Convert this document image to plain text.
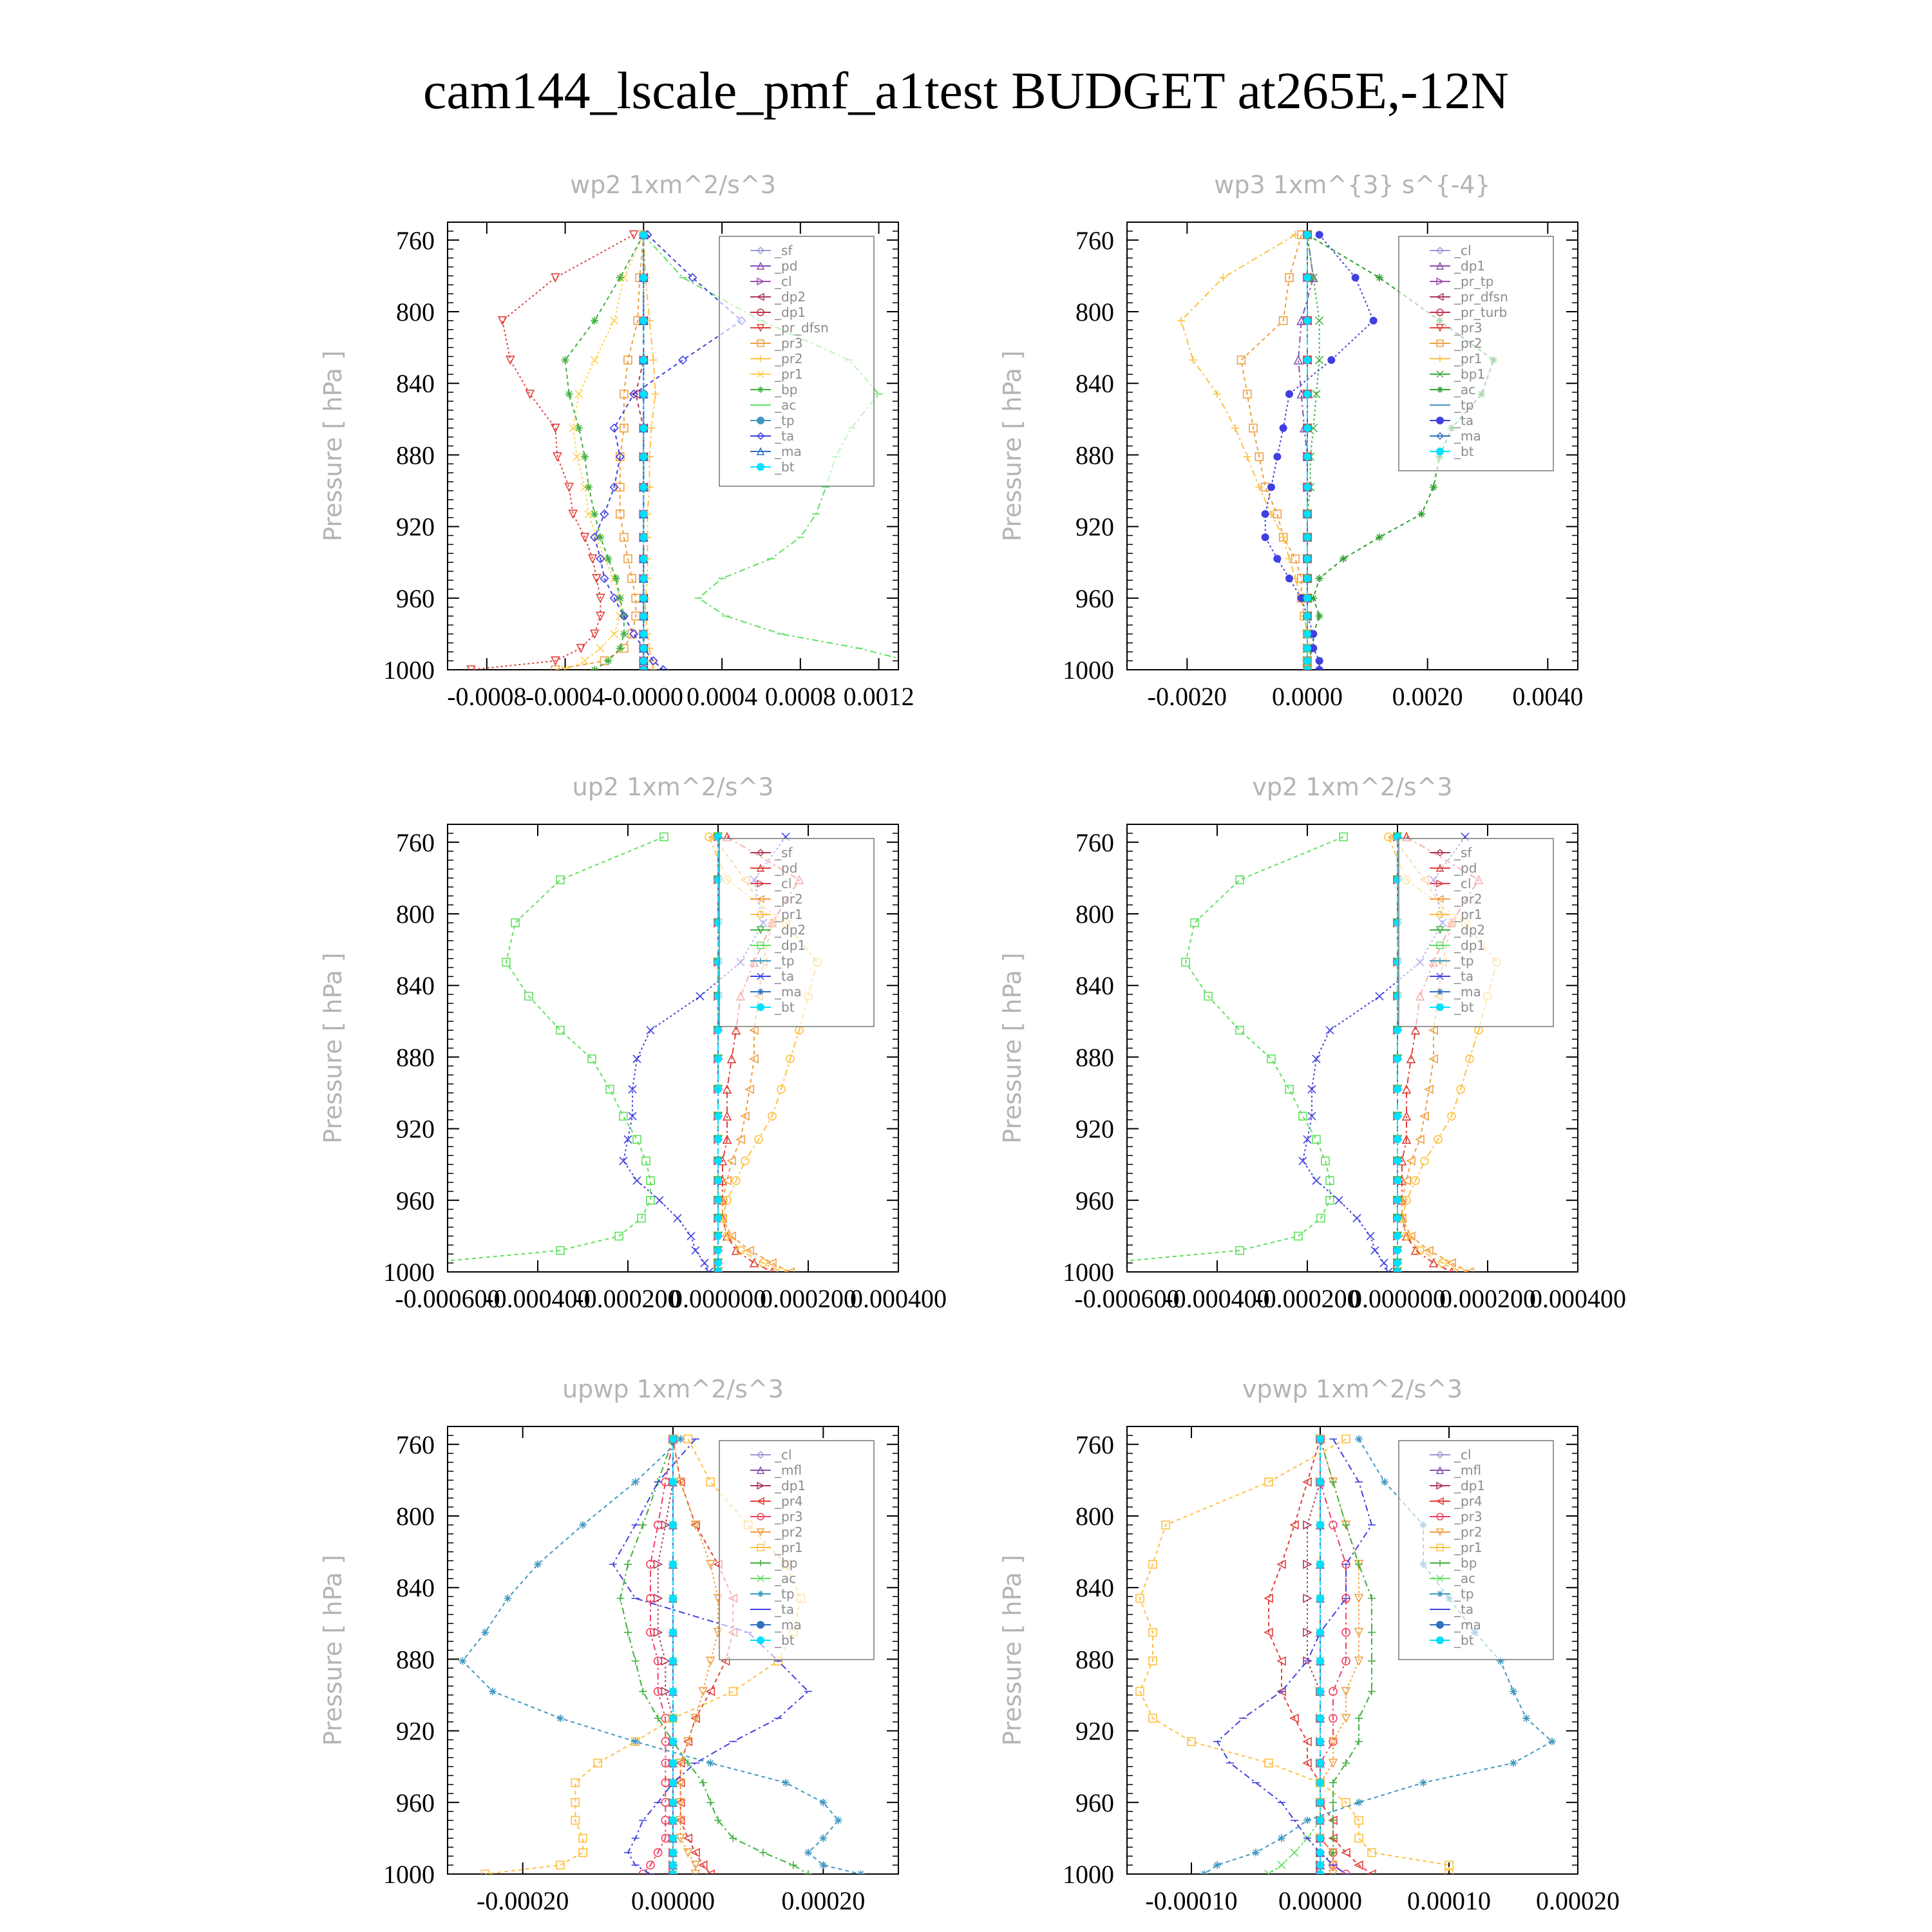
cam144_lscale_pmf_a1test BUDGET at265E,-12N
wp2 1xm^2/s^3
Pressure [ hPa ]
760
800
840
880
920
960
1000
-0.0008
-0.0004
-0.0000 0.0004 0.0008 0.0012
_sf
_pd
_cl
_dp2
_dp1
_pr_dfsn
_pr3
_pr2
_pr1
_bp
_ac
_tp
_ta
_ma
_bt
wp3 1xm^{3} s^{-4}
Pressure [ hPa ]
760
800
840
880
920
960
1000
-0.0020 0.0000 0.0020 0.0040
_cl
_dp1
_pr_tp
_pr_dfsn
_pr_turb
_pr3
_pr2
_pr1
_bp1
_ac
_tp
_ta
_ma
_bt
up2 1xm^2/s^3
Pressure [ hPa ]
760
800
840
880
920
960
1000
-0.000600
-0.000400
-0.000200
0.000000
0.000200
0.000400
_sf
_pd
_cl
_pr2
_pr1
_dp2
_dp1
_tp
_ta
_ma
_bt
vp2 1xm^2/s^3
Pressure [ hPa ]
760
800
840
880
920
960
1000
-0.000600
-0.000400
-0.000200
0.000000
0.000200
0.000400
_sf
_pd
_cl
_pr2
_pr1
_dp2
_dp1
_tp
_ta
_ma
_bt
upwp 1xm^2/s^3
Pressure [ hPa ]
760
800
840
880
920
960
1000
-0.00020 0.00000	0.00020
_cl
_mfl
_dp1
_pr4
_pr3
_pr2
_pr1
_bp
_ac
_tp
_ta
_ma
_bt
vpwp 1xm^2/s^3
Pressure [ hPa ]
760
800
840
880
920
960
1000
-0.00010 0.00000 0.00010 0.00020
_cl
_mfl
_dp1
_pr4
_pr3
_pr2
_pr1
_bp
_ac
_tp
_ta
_ma
_bt
